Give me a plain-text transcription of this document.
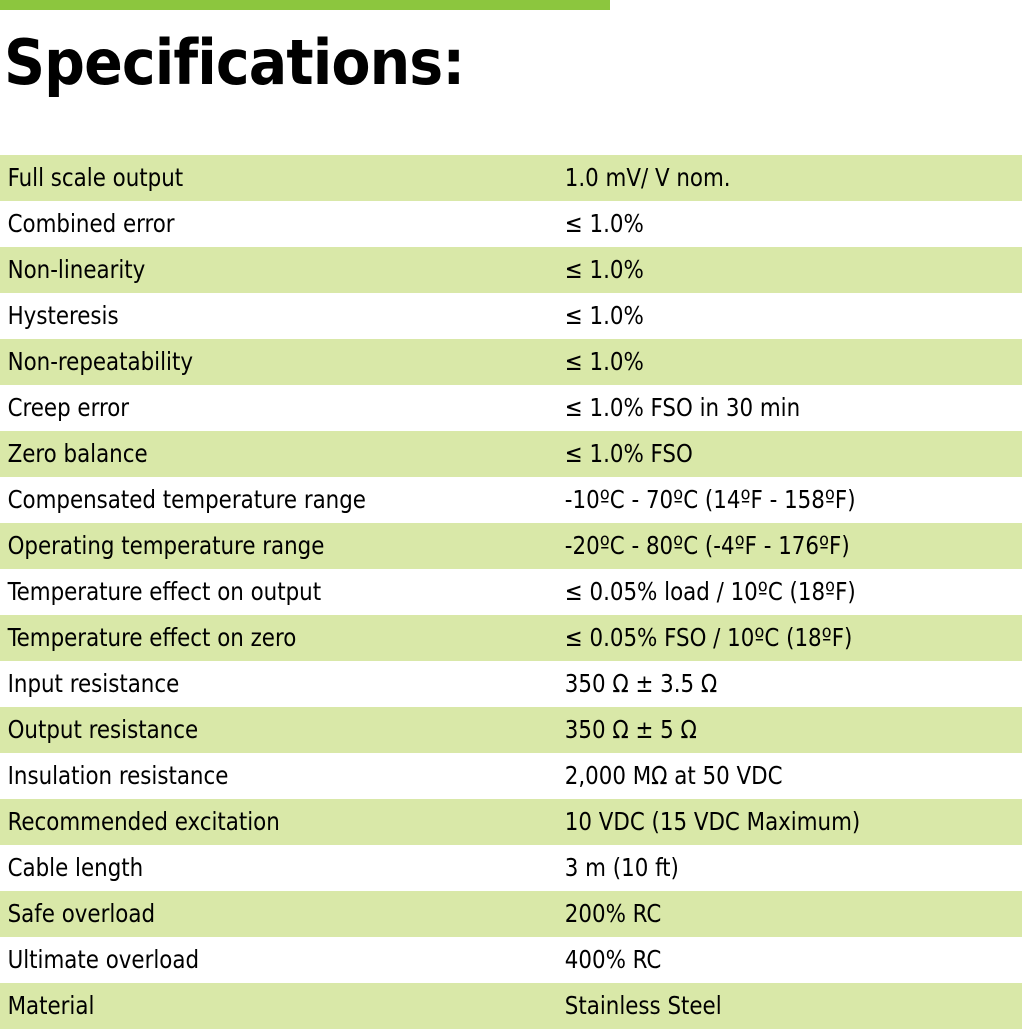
Specifications:
Full scale output	1.0 mV/ V nom.
Combined error	≤ 1.0%
Non-linearity	≤ 1.0%
Hysteresis	≤ 1.0%
Non-repeatability	≤ 1.0%
Creep error	≤ 1.0% FSO in 30 min
Zero balance	≤ 1.0% FSO
Compensated temperature range	-10ºC - 70ºC (14ºF - 158ºF)
Operating temperature range	-20ºC - 80ºC (-4ºF - 176ºF)
Temperature effect on output	≤ 0.05% load / 10ºC (18ºF)
Temperature effect on zero	≤ 0.05% FSO / 10ºC (18ºF)
Input resistance	350 Ω ± 3.5 Ω
Output resistance	350 Ω ± 5 Ω
Insulation resistance	2,000 MΩ at 50 VDC
Recommended excitation	10 VDC (15 VDC Maximum)
Cable length	3 m (10 ft)
Safe overload	200% RC
Ultimate overload	400% RC
Material	Stainless Steel
